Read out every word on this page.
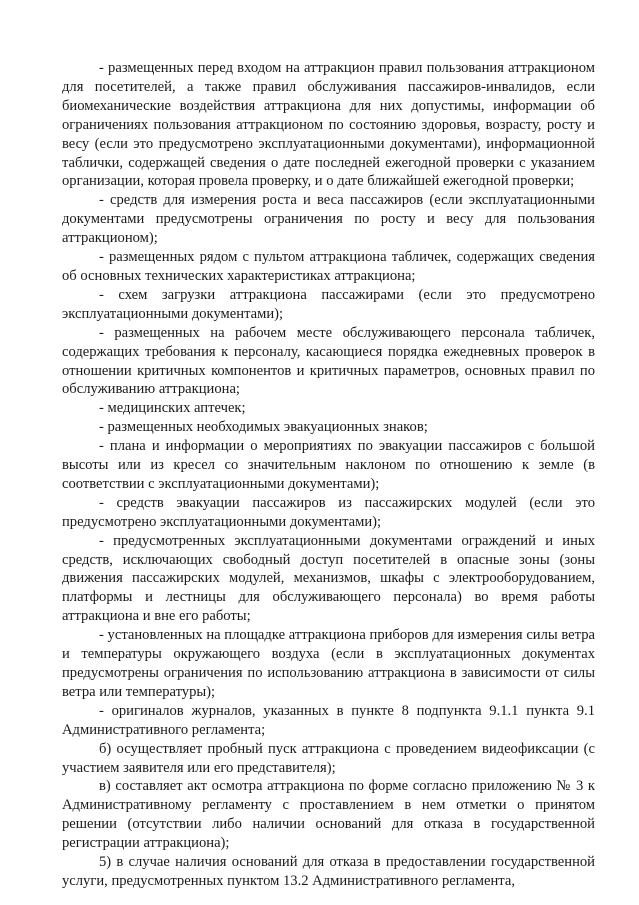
- размещенных перед входом на аттракцион правил пользования аттракционом для посетителей, а также правил обслуживания пассажиров-инвалидов, если биомеханические воздействия аттракциона для них допустимы, информации об ограничениях пользования аттракционом по состоянию здоровья, возрасту, росту и весу (если это предусмотрено эксплуатационными документами), информационной таблички, содержащей сведения о дате последней ежегодной проверки с указанием организации, которая провела проверку, и о дате ближайшей ежегодной проверки;

- средств для измерения роста и веса пассажиров (если эксплуатационными документами предусмотрены ограничения по росту и весу для пользования аттракционом);

- размещенных рядом с пультом аттракциона табличек, содержащих сведения об основных технических характеристиках аттракциона;

- схем загрузки аттракциона пассажирами (если это предусмотрено эксплуатационными документами);

- размещенных на рабочем месте обслуживающего персонала табличек, содержащих требования к персоналу, касающиеся порядка ежедневных проверок в отношении критичных компонентов и критичных параметров, основных правил по обслуживанию аттракциона;

- медицинских аптечек;

- размещенных необходимых эвакуационных знаков;

- плана и информации о мероприятиях по эвакуации пассажиров с большой высоты или из кресел со значительным наклоном по отношению к земле (в соответствии с эксплуатационными документами);

- средств эвакуации пассажиров из пассажирских модулей (если это предусмотрено эксплуатационными документами);

- предусмотренных эксплуатационными документами ограждений и иных средств, исключающих свободный доступ посетителей в опасные зоны (зоны движения пассажирских модулей, механизмов, шкафы с электрооборудованием, платформы и лестницы для обслуживающего персонала) во время работы аттракциона и вне его работы;

- установленных на площадке аттракциона приборов для измерения силы ветра и температуры окружающего воздуха (если в эксплуатационных документах предусмотрены ограничения по использованию аттракциона в зависимости от силы ветра или температуры);

- оригиналов журналов, указанных в пункте 8 подпункта 9.1.1 пункта 9.1 Административного регламента;

б) осуществляет пробный пуск аттракциона с проведением видеофиксации (с участием заявителя или его представителя);

в) составляет акт осмотра аттракциона по форме согласно приложению № 3 к Административному регламенту с проставлением в нем отметки о принятом решении (отсутствии либо наличии оснований для отказа в государственной регистрации аттракциона);

5) в случае наличия оснований для отказа в предоставлении государственной услуги, предусмотренных пунктом 13.2 Административного регламента,
